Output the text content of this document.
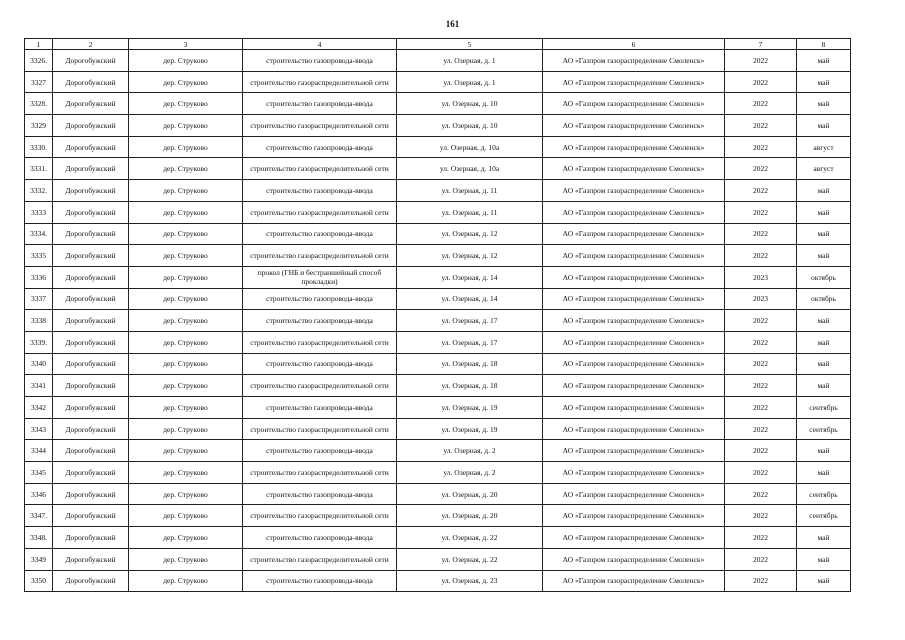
161
1	2	3	4	5	6	7	8
3326.	Дорогобужский	дер. Струково	строительство газопровода-ввода	ул. Озерная, д. 1	АО «Газпром газораспределение Смоленск»	2022	май
3327	Дорогобужский	дер. Струково	строительство газораспределительной сети	ул. Озерная, д. 1	АО «Газпром газораспределение Смоленск»	2022	май
3328.	Дорогобужский	дер. Струково	строительство газопровода-ввода	ул. Озерная, д. 10	АО «Газпром газораспределение Смоленск»	2022	май
3329	Дорогобужский	дер. Струково	строительство газораспределительной сети	ул. Озерная, д. 10	АО «Газпром газораспределение Смоленск»	2022	май
3330.	Дорогобужский	дер. Струково	строительство газопровода-ввода	ул. Озерная, д. 10а	АО «Газпром газораспределение Смоленск»	2022	август
3331.	Дорогобужский	дер. Струково	строительство газораспределительной сети	ул. Озерная, д. 10а	АО «Газпром газораспределение Смоленск»	2022	август
3332.	Дорогобужский	дер. Струково	строительство газопровода-ввода	ул. Озерная, д. 11	АО «Газпром газораспределение Смоленск»	2022	май
3333	Дорогобужский	дер. Струково	строительство газораспределительной сети	ул. Озерная, д. 11	АО «Газпром газораспределение Смоленск»	2022	май
3334.	Дорогобужский	дер. Струково	строительство газопровода-ввода	ул. Озерная, д. 12	АО «Газпром газораспределение Смоленск»	2022	май
3335	Дорогобужский	дер. Струково	строительство газораспределительной сети	ул. Озерная, д. 12	АО «Газпром газораспределение Смоленск»	2022	май
3336	Дорогобужский	дер. Струково	прокол (ГНБ и бестраншейный способ прокладки)	ул. Озерная, д. 14	АО «Газпром газораспределение Смоленск»	2023	октябрь
3337	Дорогобужский	дер. Струково	строительство газопровода-ввода	ул. Озерная, д. 14	АО «Газпром газораспределение Смоленск»	2023	октябрь
3338	Дорогобужский	дер. Струково	строительство газопровода-ввода	ул. Озерная, д. 17	АО «Газпром газораспределение Смоленск»	2022	май
3339.	Дорогобужский	дер. Струково	строительство газораспределительной сети	ул. Озерная, д. 17	АО «Газпром газораспределение Смоленск»	2022	май
3340	Дорогобужский	дер. Струково	строительство газопровода-ввода	ул. Озерная, д. 18	АО «Газпром газораспределение Смоленск»	2022	май
3341	Дорогобужский	дер. Струково	строительство газораспределительной сети	ул. Озерная, д. 18	АО «Газпром газораспределение Смоленск»	2022	май
3342	Дорогобужский	дер. Струково	строительство газопровода-ввода	ул. Озерная, д. 19	АО «Газпром газораспределение Смоленск»	2022	сентябрь
3343	Дорогобужский	дер. Струково	строительство газораспределительной сети	ул. Озерная, д. 19	АО «Газпром газораспределение Смоленск»	2022	сентябрь
3344	Дорогобужский	дер. Струково	строительство газопровода-ввода	ул. Озерная, д. 2	АО «Газпром газораспределение Смоленск»	2022	май
3345	Дорогобужский	дер. Струково	строительство газораспределительной сети	ул. Озерная, д. 2	АО «Газпром газораспределение Смоленск»	2022	май
3346	Дорогобужский	дер. Струково	строительство газопровода-ввода	ул. Озерная, д. 20	АО «Газпром газораспределение Смоленск»	2022	сентябрь
3347.	Дорогобужский	дер. Струково	строительство газораспределительной сети	ул. Озерная, д. 20	АО «Газпром газораспределение Смоленск»	2022	сентябрь
3348.	Дорогобужский	дер. Струково	строительство газопровода-ввода	ул. Озерная, д. 22	АО «Газпром газораспределение Смоленск»	2022	май
3349	Дорогобужский	дер. Струково	строительство газораспределительной сети	ул. Озерная, д. 22	АО «Газпром газораспределение Смоленск»	2022	май
3350	Дорогобужский	дер. Струково	строительство газопровода-ввода	ул. Озерная, д. 23	АО «Газпром газораспределение Смоленск»	2022	май
